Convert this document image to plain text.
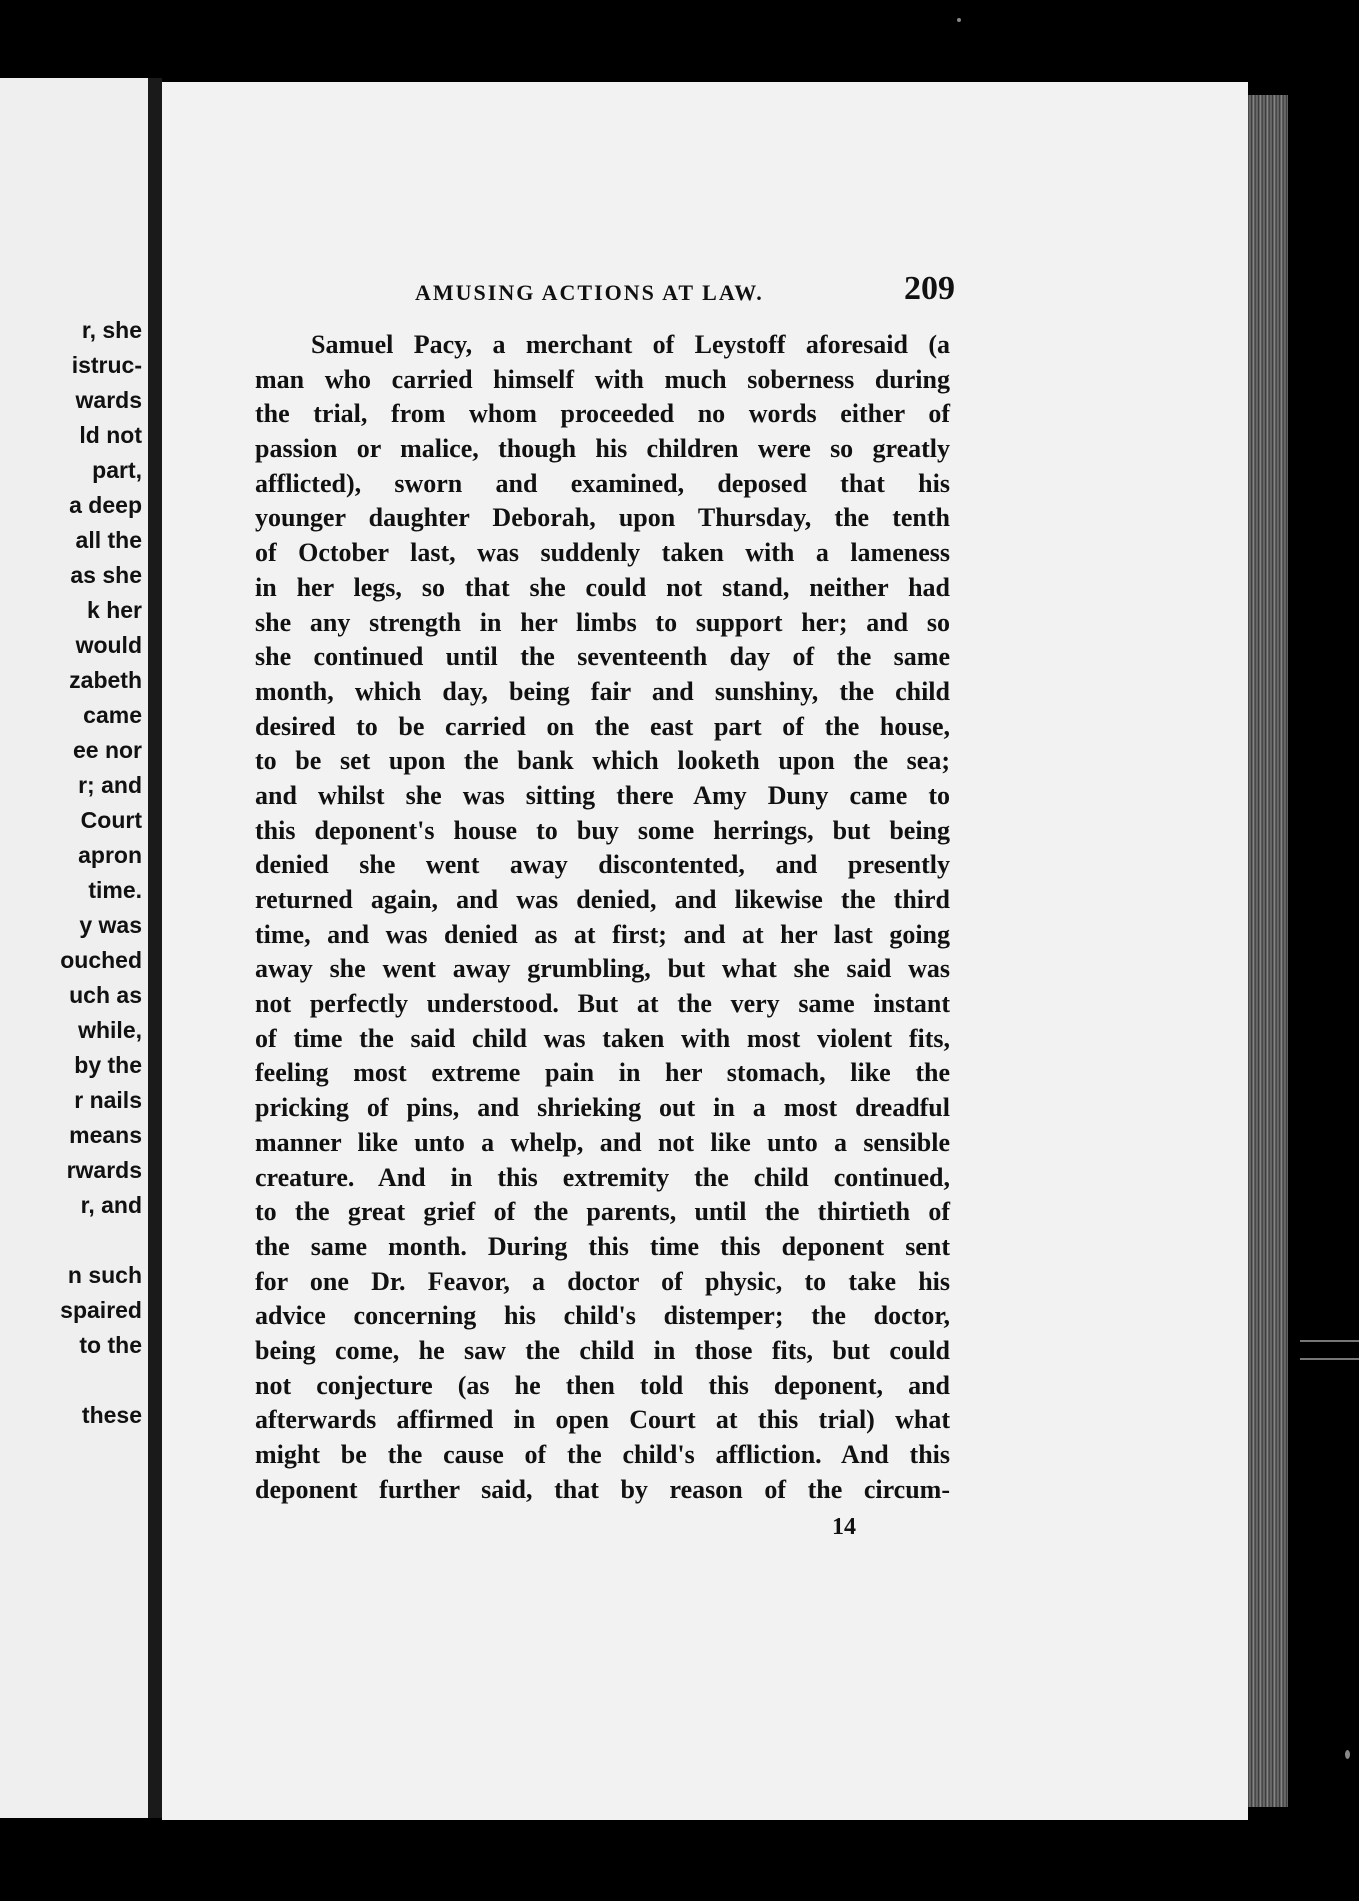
r, she
istruc-
wards
ld not
part,
a deep
all the
as she
k her
would
zabeth
came
ee nor
r; and
Court
apron
time.
y was
ouched
uch as
while,
by the
r nails
means
rwards
r, and
n such
spaired
to the
these
AMUSING ACTIONS AT LAW.	209
Samuel Pacy, a merchant of Leystoff aforesaid (a
man who carried himself with much soberness during
the trial, from whom proceeded no words either of
passion or malice, though his children were so greatly
afflicted), sworn and examined, deposed that his
younger daughter Deborah, upon Thursday, the tenth
of October last, was suddenly taken with a lameness
in her legs, so that she could not stand, neither had
she any strength in her limbs to support her; and so
she continued until the seventeenth day of the same
month, which day, being fair and sunshiny, the child
desired to be carried on the east part of the house,
to be set upon the bank which looketh upon the sea;
and whilst she was sitting there Amy Duny came to
this deponent's house to buy some herrings, but being
denied she went away discontented, and presently
returned again, and was denied, and likewise the third
time, and was denied as at first; and at her last going
away she went away grumbling, but what she said was
not perfectly understood. But at the very same instant
of time the said child was taken with most violent fits,
feeling most extreme pain in her stomach, like the
pricking of pins, and shrieking out in a most dreadful
manner like unto a whelp, and not like unto a sensible
creature. And in this extremity the child continued,
to the great grief of the parents, until the thirtieth of
the same month. During this time this deponent sent
for one Dr. Feavor, a doctor of physic, to take his
advice concerning his child's distemper; the doctor,
being come, he saw the child in those fits, but could
not conjecture (as he then told this deponent, and
afterwards affirmed in open Court at this trial) what
might be the cause of the child's affliction. And this
deponent further said, that by reason of the circum-
14
